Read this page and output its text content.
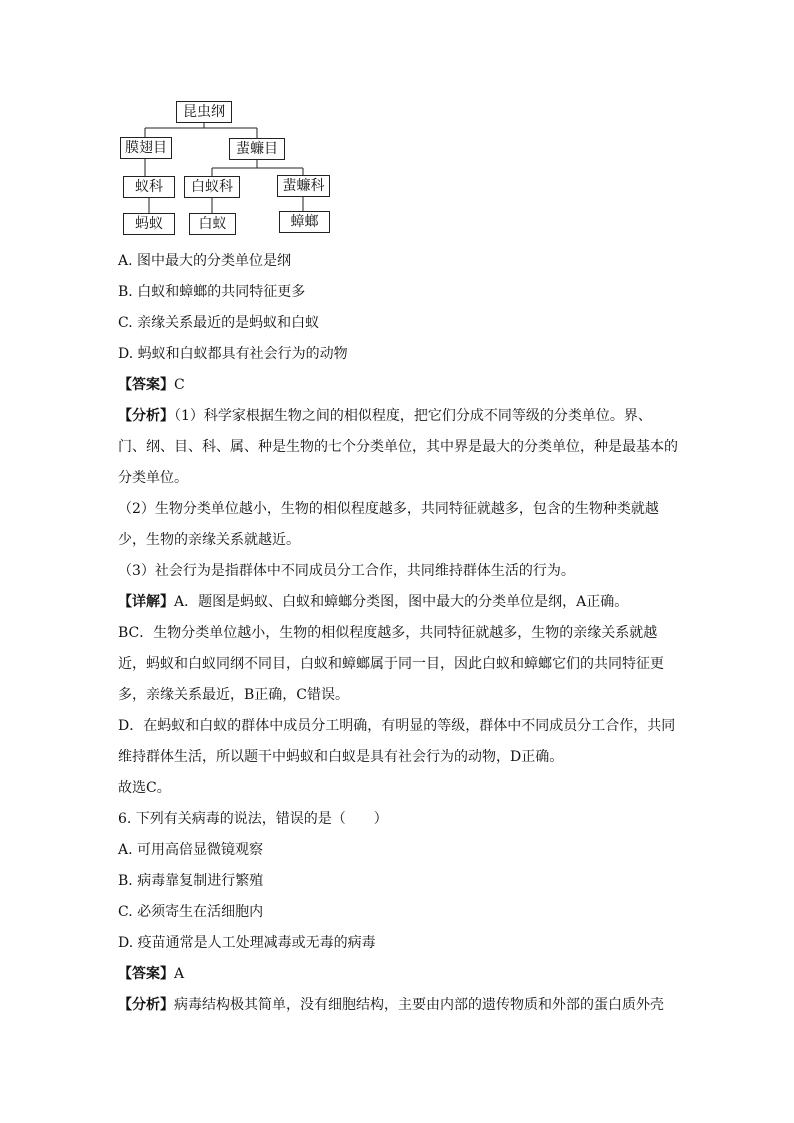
昆虫纲
膜翅目	蜚蠊目
蚁科	白蚁科	蜚蠊科
蚂蚁	白蚁	蟑螂
A. 图中最大的分类单位是纲
B. 白蚁和蟑螂的共同特征更多
C. 亲缘关系最近的是蚂蚁和白蚁
D. 蚂蚁和白蚁都具有社会行为的动物
【答案】C
【分析】（1）科学家根据生物之间的相似程度，把它们分成不同等级的分类单位。界、门、纲、目、科、属、种是生物的七个分类单位，其中界是最大的分类单位，种是最基本的分类单位。
（2）生物分类单位越小，生物的相似程度越多，共同特征就越多，包含的生物种类就越少，生物的亲缘关系就越近。
（3）社会行为是指群体中不同成员分工合作，共同维持群体生活的行为。
【详解】A．题图是蚂蚁、白蚁和蟑螂分类图，图中最大的分类单位是纲，A正确。
BC．生物分类单位越小，生物的相似程度越多，共同特征就越多，生物的亲缘关系就越近，蚂蚁和白蚁同纲不同目，白蚁和蟑螂属于同一目，因此白蚁和蟑螂它们的共同特征更多，亲缘关系最近，B正确，C错误。
D．在蚂蚁和白蚁的群体中成员分工明确，有明显的等级，群体中不同成员分工合作，共同维持群体生活，所以题干中蚂蚁和白蚁是具有社会行为的动物，D正确。
故选C。
6. 下列有关病毒的说法，错误的是（　　）
A. 可用高倍显微镜观察
B. 病毒靠复制进行繁殖
C. 必须寄生在活细胞内
D. 疫苗通常是人工处理减毒或无毒的病毒
【答案】A
【分析】病毒结构极其简单，没有细胞结构，主要由内部的遗传物质和外部的蛋白质外壳
